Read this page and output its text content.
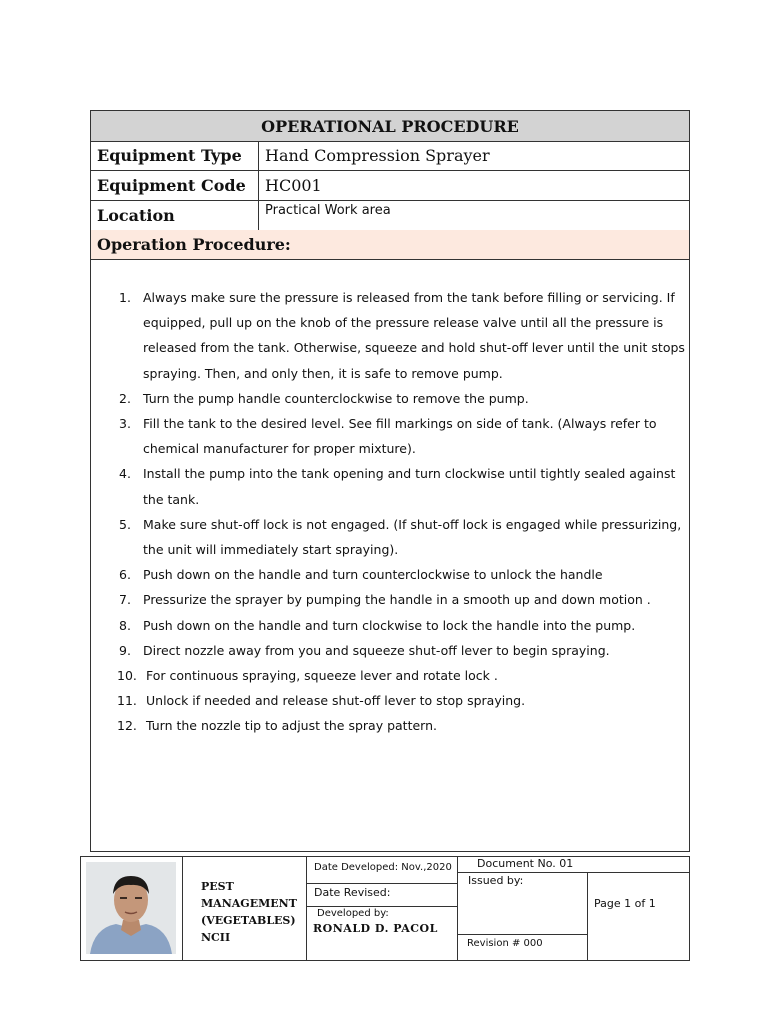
OPERATIONAL PROCEDURE
Equipment Type	Hand Compression Sprayer
Equipment Code	HC001
Location	Practical Work area
Operation Procedure:
1. Always make sure the pressure is released from the tank before filling or servicing. If equipped, pull up on the knob of the pressure release valve until all the pressure is released from the tank. Otherwise, squeeze and hold shut-off lever until the unit stops spraying. Then, and only then, it is safe to remove pump.
2. Turn the pump handle counterclockwise to remove the pump.
3. Fill the tank to the desired level. See fill markings on side of tank. (Always refer to chemical manufacturer for proper mixture).
4. Install the pump into the tank opening and turn clockwise until tightly sealed against the tank.
5. Make sure shut-off lock is not engaged. (If shut-off lock is engaged while pressurizing, the unit will immediately start spraying).
6. Push down on the handle and turn counterclockwise to unlock the handle
7. Pressurize the sprayer by pumping the handle in a smooth up and down motion .
8. Push down on the handle and turn clockwise to lock the handle into the pump.
9. Direct nozzle away from you and squeeze shut-off lever to begin spraying.
10. For continuous spraying, squeeze lever and rotate lock .
11. Unlock if needed and release shut-off lever to stop spraying.
12. Turn the nozzle tip to adjust the spray pattern.
PEST
MANAGEMENT
(VEGETABLES)
NCII
Date Developed: Nov.,2020
Date Revised:
Developed by:
RONALD D. PACOL
Document No. 01
Issued by:
Revision # 000
Page 1 of 1
